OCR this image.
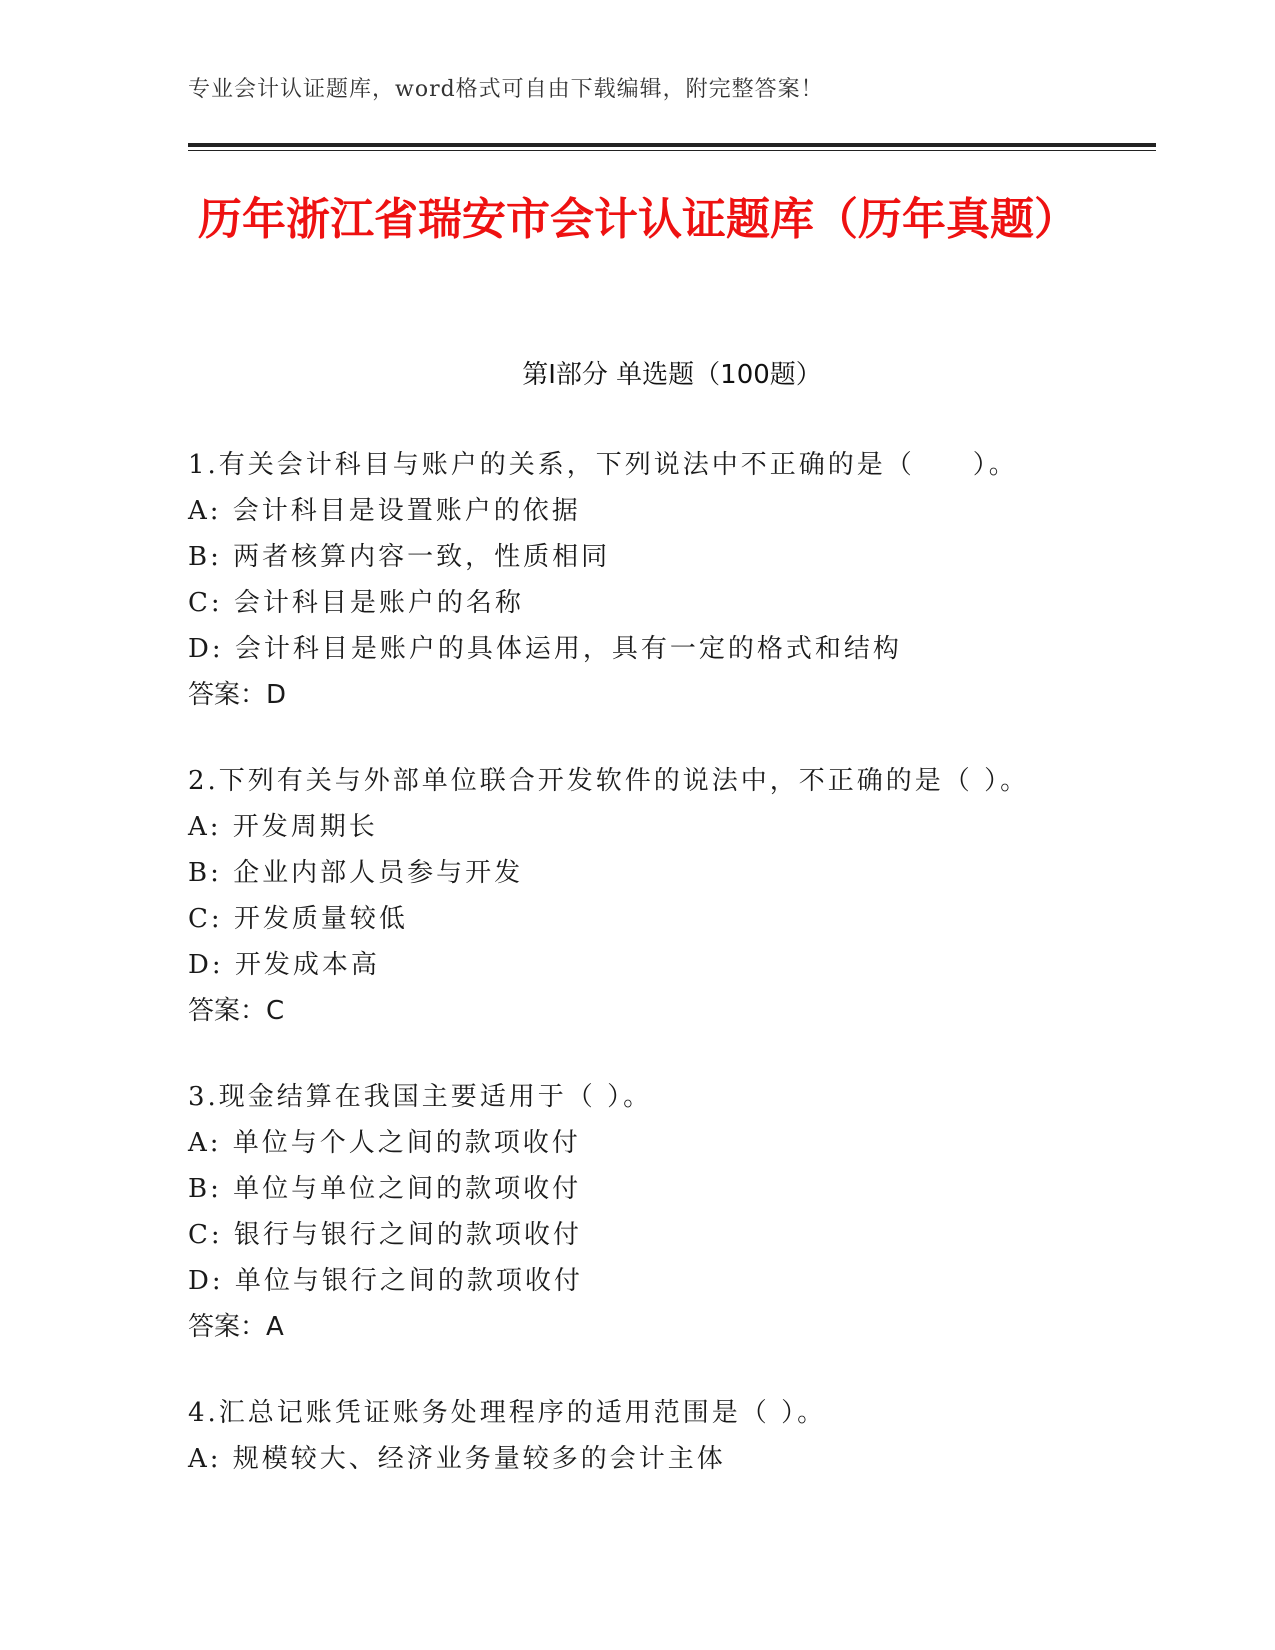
专业会计认证题库，word格式可自由下载编辑，附完整答案！
历年浙江省瑞安市会计认证题库（历年真题）
第Ⅰ部分 单选题（100题）
1.有关会计科目与账户的关系，下列说法中不正确的是（　　）。
A: 会计科目是设置账户的依据
B: 两者核算内容一致，性质相同
C: 会计科目是账户的名称
D: 会计科目是账户的具体运用，具有一定的格式和结构
答案：D
2.下列有关与外部单位联合开发软件的说法中，不正确的是（ ）。
A: 开发周期长
B: 企业内部人员参与开发
C: 开发质量较低
D: 开发成本高
答案：C
3.现金结算在我国主要适用于（ ）。
A: 单位与个人之间的款项收付
B: 单位与单位之间的款项收付
C: 银行与银行之间的款项收付
D: 单位与银行之间的款项收付
答案：A
4.汇总记账凭证账务处理程序的适用范围是（ ）。
A: 规模较大、经济业务量较多的会计主体
